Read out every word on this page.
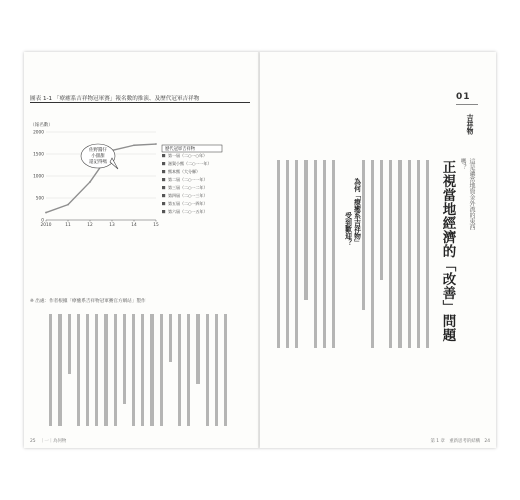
圖表 1-1 「療癒系吉祥物冠軍賽」報名數的推演、及歷代冠軍吉祥物
0
500
1000
1500
2000
2010	11	12	13	14	15
（報名數）
佐野醬仔
小甜甜
還記得嗎
歷代冠軍吉祥物
第一屆（二○一○年）
滋賀小熊（二○一一年）
熊本熊（大分縣）
第二屆（二○一一年）
第三屆（二○一二年）
第四屆（二○一三年）
第五屆（二○一四年）
第六屆（二○一五年）
※ 出處：作者根據「療癒系吉祥物冠軍賽官方網站」製作
25　｜一｜為何物
01
吉祥物
這是讓當地資金外流的東西嗎？
正視當地經濟的「改善」問題
為何「療癒系吉祥物」
受到歡迎？
第 1 章　重新思考的結構　24
